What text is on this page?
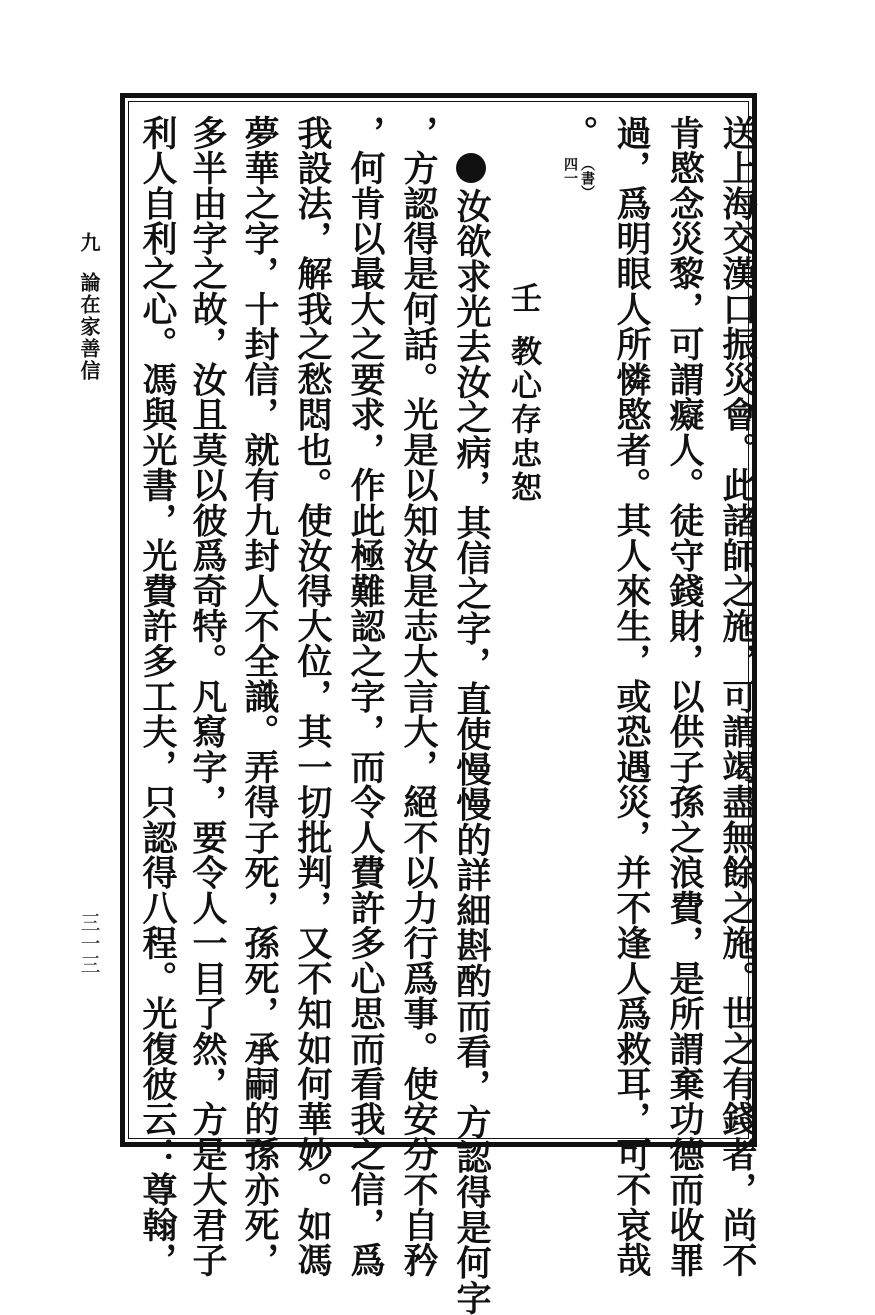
九
論在家善信
三一三	送上海交漢口振災會。此諸師之施，可謂竭盡無餘之施。世之有錢者，尚不
肯愍念災黎，可謂癡人。徒守錢財，以供子孫之浪費，是所謂棄功德而收罪
過，爲明眼人所憐愍者。其人來生，或恐遇災，并不逢人爲救耳，可不哀哉
。
（書）
四一
壬
教心存忠恕
汝欲求光去汝之病，其信之字，直使慢慢的詳細斟酌而看，方認得是何字
，方認得是何話。光是以知汝是志大言大，絕不以力行爲事。使安分不自矜
，何肯以最大之要求，作此極難認之字，而令人費許多心思而看我之信，爲
我設法，解我之愁悶也。使汝得大位，其一切批判，又不知如何華妙。如馮
夢華之字，十封信，就有九封人不全識。弄得子死，孫死，承嗣的孫亦死，
多半由字之故，汝且莫以彼爲奇特。凡寫字，要令人一目了然，方是大君子
利人自利之心。馮與光書，光費許多工夫，只認得八程。光復彼云：尊翰，
